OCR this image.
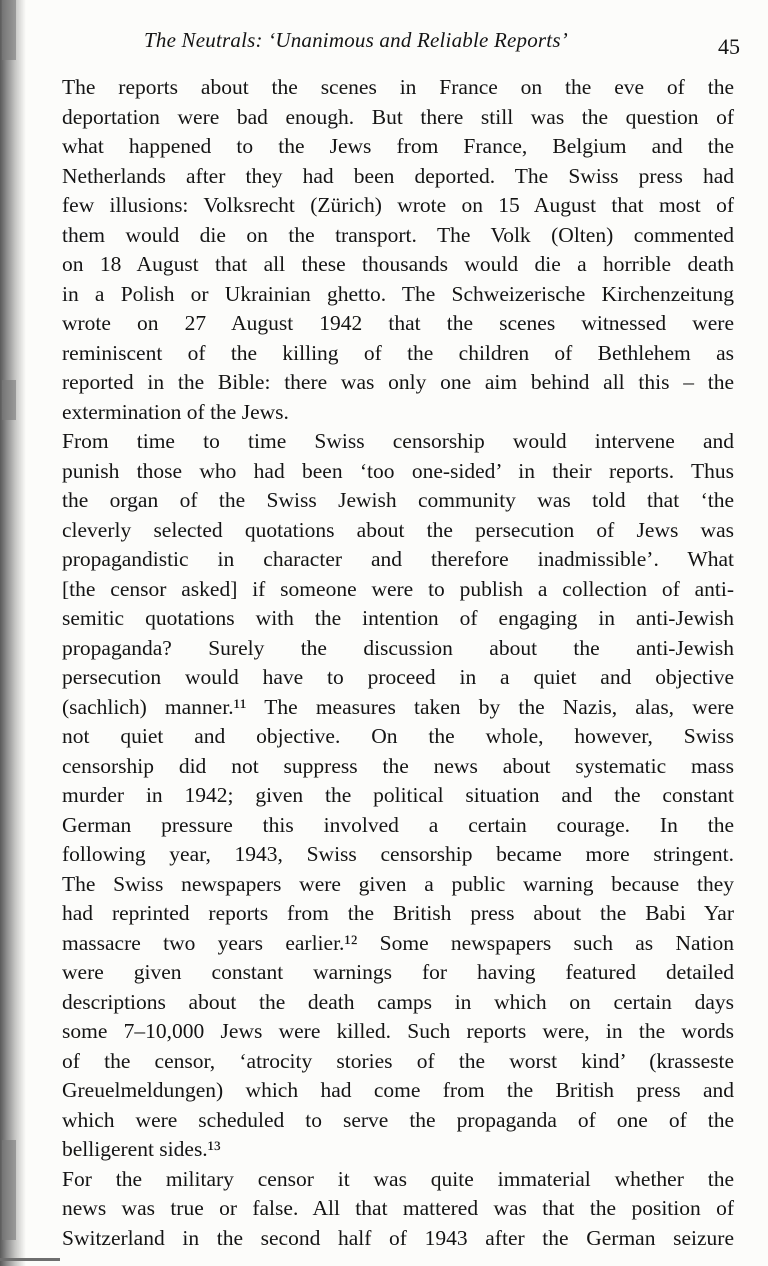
The Neutrals: ‘Unanimous and Reliable Reports’	45
The reports about the scenes in France on the eve of the
deportation were bad enough. But there still was the question of
what happened to the Jews from France, Belgium and the
Netherlands after they had been deported. The Swiss press had
few illusions: Volksrecht (Zürich) wrote on 15 August that most of
them would die on the transport. The Volk (Olten) commented
on 18 August that all these thousands would die a horrible death
in a Polish or Ukrainian ghetto. The Schweizerische Kirchenzeitung
wrote on 27 August 1942 that the scenes witnessed were
reminiscent of the killing of the children of Bethlehem as
reported in the Bible: there was only one aim behind all this – the
extermination of the Jews.
From time to time Swiss censorship would intervene and
punish those who had been ‘too one-sided’ in their reports. Thus
the organ of the Swiss Jewish community was told that ‘the
cleverly selected quotations about the persecution of Jews was
propagandistic in character and therefore inadmissible’. What
[the censor asked] if someone were to publish a collection of anti-
semitic quotations with the intention of engaging in anti-Jewish
propaganda? Surely the discussion about the anti-Jewish
persecution would have to proceed in a quiet and objective
(sachlich) manner.¹¹ The measures taken by the Nazis, alas, were
not quiet and objective. On the whole, however, Swiss
censorship did not suppress the news about systematic mass
murder in 1942; given the political situation and the constant
German pressure this involved a certain courage. In the
following year, 1943, Swiss censorship became more stringent.
The Swiss newspapers were given a public warning because they
had reprinted reports from the British press about the Babi Yar
massacre two years earlier.¹² Some newspapers such as Nation
were given constant warnings for having featured detailed
descriptions about the death camps in which on certain days
some 7–10,000 Jews were killed. Such reports were, in the words
of the censor, ‘atrocity stories of the worst kind’ (krasseste
Greuelmeldungen) which had come from the British press and
which were scheduled to serve the propaganda of one of the
belligerent sides.¹³
For the military censor it was quite immaterial whether the
news was true or false. All that mattered was that the position of
Switzerland in the second half of 1943 after the German seizure
